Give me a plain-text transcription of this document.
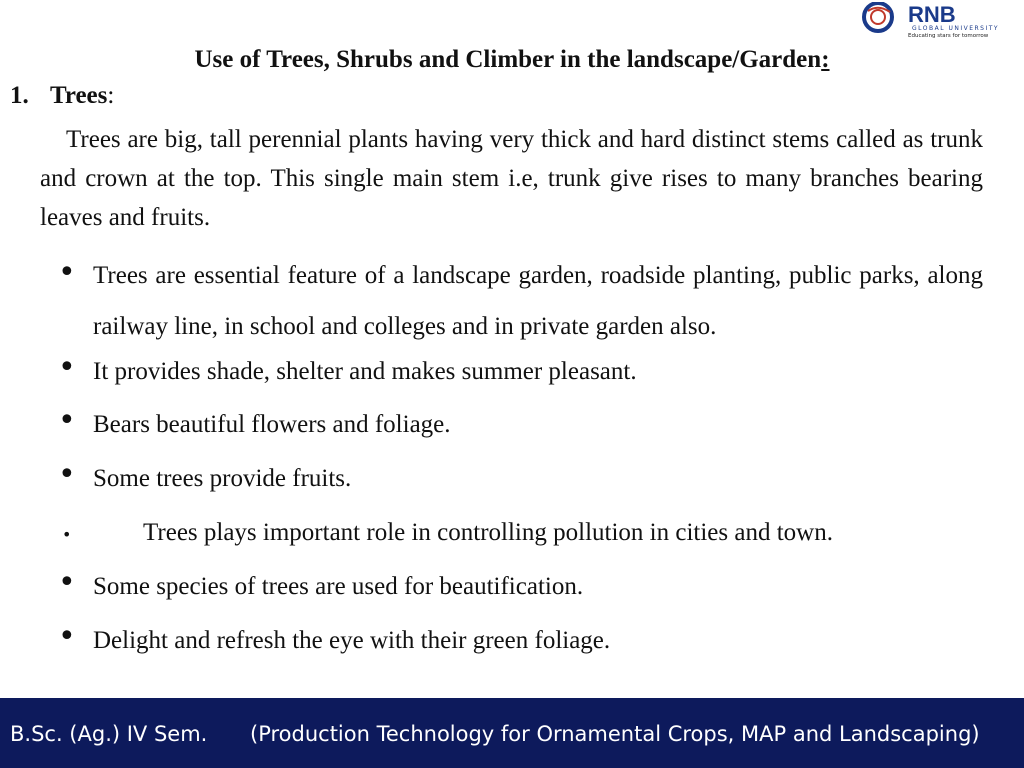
RNB
GLOBAL UNIVERSITY
Educating stars for tomorrow
Use of Trees, Shrubs and Climber in the landscape/Garden:
1. Trees:

Trees are big, tall perennial plants having very thick and hard distinct stems called as trunk and crown at the top. This single main stem i.e, trunk give rises to many branches bearing leaves and fruits.

• Trees are essential feature of a landscape garden, roadside planting, public parks, along railway line, in school and colleges and in private garden also.
• It provides shade, shelter and makes summer pleasant.
• Bears beautiful flowers and foliage.
• Some trees provide fruits.
•	Trees plays important role in controlling pollution in cities and town.
• Some species of trees are used for beautification.
• Delight and refresh the eye with their green foliage.
B.Sc. (Ag.) IV Sem. (Production Technology for Ornamental Crops, MAP and Landscaping)
